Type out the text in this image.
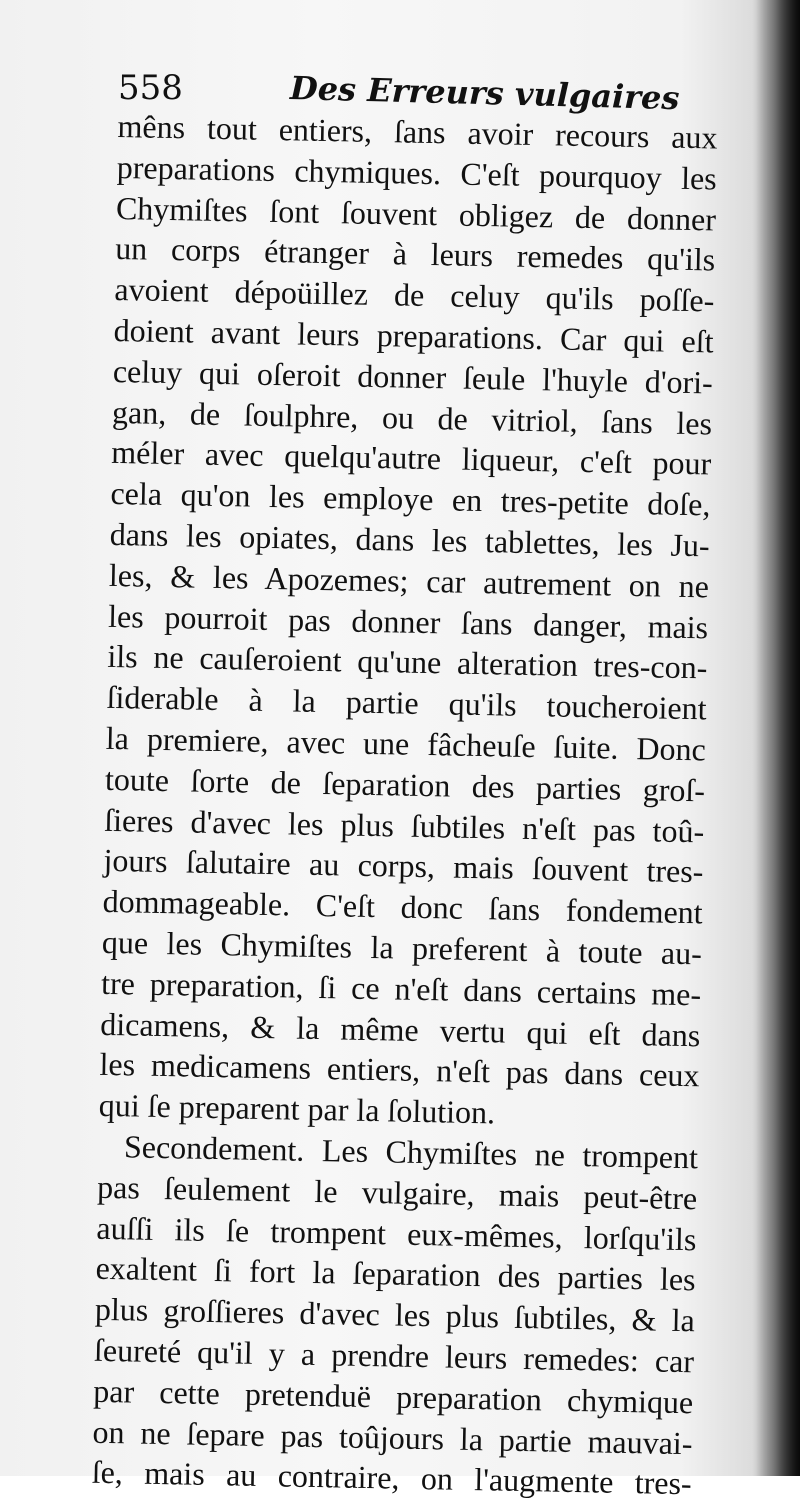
558	Des Erreurs vulgaires
mêns tout entiers, ſans avoir recours aux
preparations chymiques. C'eſt pourquoy les
Chymiſtes ſont ſouvent obligez de donner
un corps étranger à leurs remedes qu'ils
avoient dépoüillez de celuy qu'ils poſſe-
doient avant leurs preparations. Car qui eſt
celuy qui oſeroit donner ſeule l'huyle d'ori-
gan, de ſoulphre, ou de vitriol, ſans les
méler avec quelqu'autre liqueur, c'eſt pour
cela qu'on les employe en tres-petite doſe,
dans les opiates, dans les tablettes, les Ju-
les, & les Apozemes; car autrement on ne
les pourroit pas donner ſans danger, mais
ils ne cauſeroient qu'une alteration tres-con-
ſiderable à la partie qu'ils toucheroient
la premiere, avec une fâcheuſe ſuite. Donc
toute ſorte de ſeparation des parties groſ-
ſieres d'avec les plus ſubtiles n'eſt pas toû-
jours ſalutaire au corps, mais ſouvent tres-
dommageable. C'eſt donc ſans fondement
que les Chymiſtes la preferent à toute au-
tre preparation, ſi ce n'eſt dans certains me-
dicamens, & la même vertu qui eſt dans
les medicamens entiers, n'eſt pas dans ceux
qui ſe preparent par la ſolution.
Secondement. Les Chymiſtes ne trompent
pas ſeulement le vulgaire, mais peut-être
auſſi ils ſe trompent eux-mêmes, lorſqu'ils
exaltent ſi fort la ſeparation des parties les
plus groſſieres d'avec les plus ſubtiles, & la
ſeureté qu'il y a prendre leurs remedes: car
par cette pretenduë preparation chymique
on ne ſepare pas toûjours la partie mauvai-
ſe, mais au contraire, on l'augmente tres-
